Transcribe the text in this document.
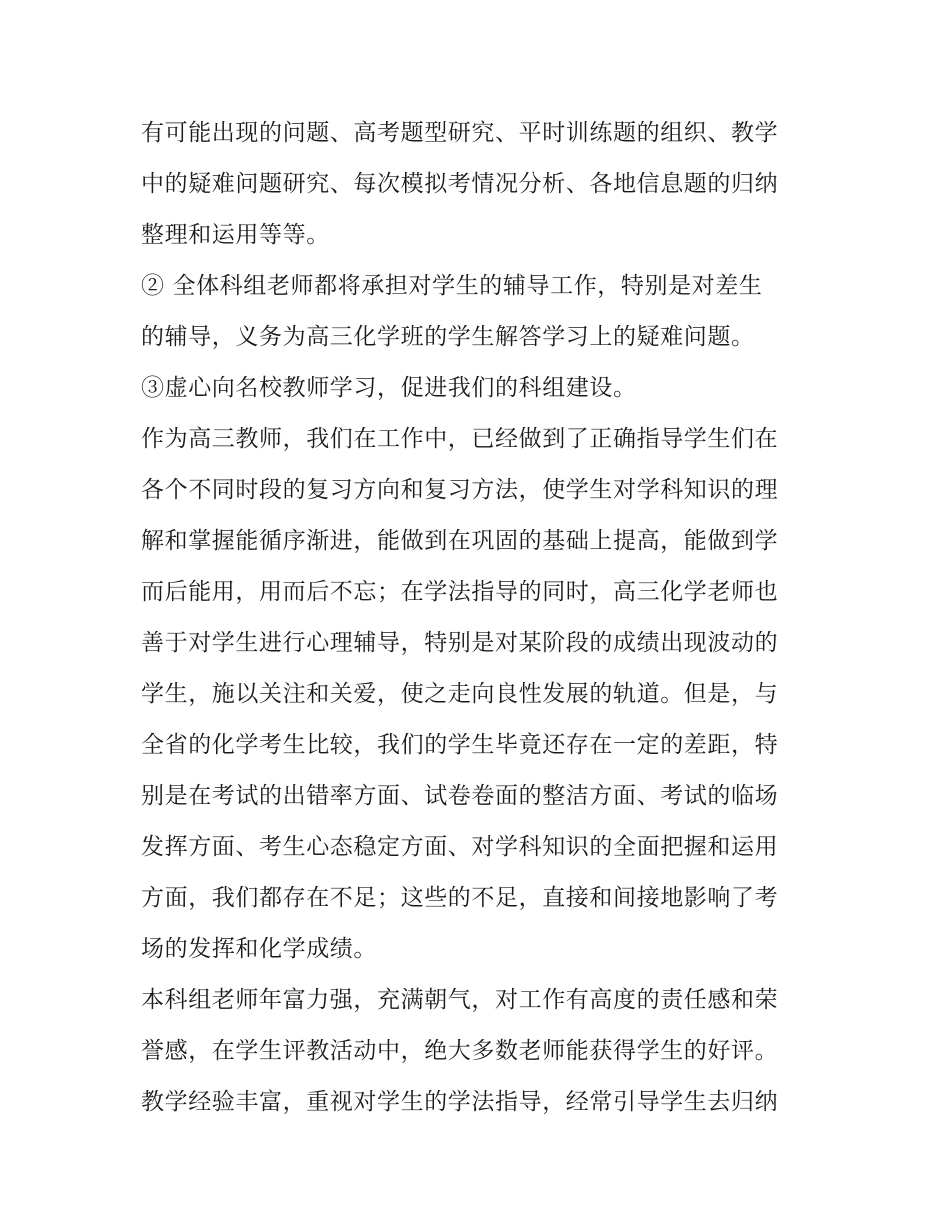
有可能出现的问题、高考题型研究、平时训练题的组织、教学
中的疑难问题研究、每次模拟考情况分析、各地信息题的归纳
整理和运用等等。
② 全体科组老师都将承担对学生的辅导工作，特别是对差生
的辅导，义务为高三化学班的学生解答学习上的疑难问题。
③虚心向名校教师学习，促进我们的科组建设。
作为高三教师，我们在工作中，已经做到了正确指导学生们在
各个不同时段的复习方向和复习方法，使学生对学科知识的理
解和掌握能循序渐进，能做到在巩固的基础上提高，能做到学
而后能用，用而后不忘；在学法指导的同时，高三化学老师也
善于对学生进行心理辅导，特别是对某阶段的成绩出现波动的
学生，施以关注和关爱，使之走向良性发展的轨道。但是，与
全省的化学考生比较，我们的学生毕竟还存在一定的差距，特
别是在考试的出错率方面、试卷卷面的整洁方面、考试的临场
发挥方面、考生心态稳定方面、对学科知识的全面把握和运用
方面，我们都存在不足；这些的不足，直接和间接地影响了考
场的发挥和化学成绩。
本科组老师年富力强，充满朝气，对工作有高度的责任感和荣
誉感，在学生评教活动中，绝大多数老师能获得学生的好评。
教学经验丰富，重视对学生的学法指导，经常引导学生去归纳
